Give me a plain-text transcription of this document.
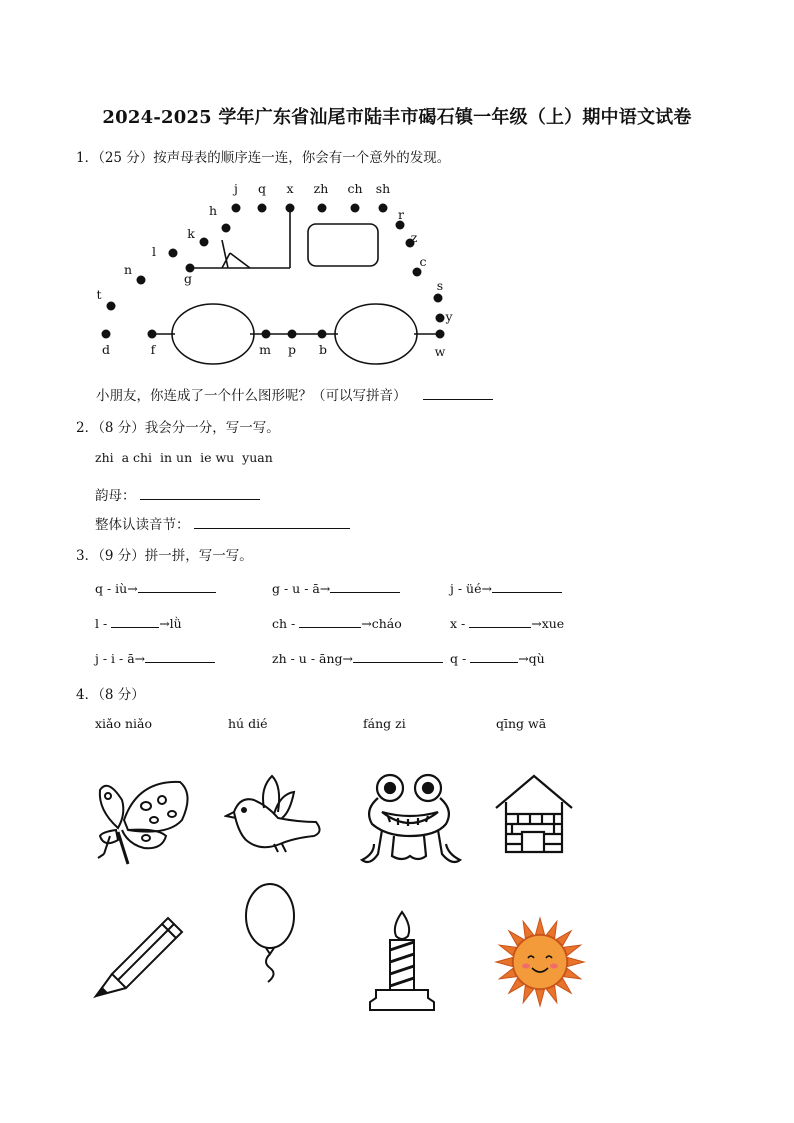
2024-2025 学年广东省汕尾市陆丰市碣石镇一年级（上）期中语文试卷
1．（25 分）按声母表的顺序连一连，你会有一个意外的发现。
j q x zh ch sh
h	r
k	z
l
c
n
g	s
t
y
d	f	m p b	w
小朋友，你连成了一个什么图形呢？（可以写拼音）
2．（8 分）我会分一分，写一写。
zhi  a chi  in un  ie wu  yuan
韵母：
整体认读音节：
3．（9 分）拼一拼，写一写。
q - iù→	g - u - ā→	j - üé→
l -	→lǜ	ch -	→cháo	x -	→xue
j - i - ā→	zh - u - āng→	q -	→qù
4．（8 分）
xiǎo niǎo	hú dié	fáng zi	qīng wā
